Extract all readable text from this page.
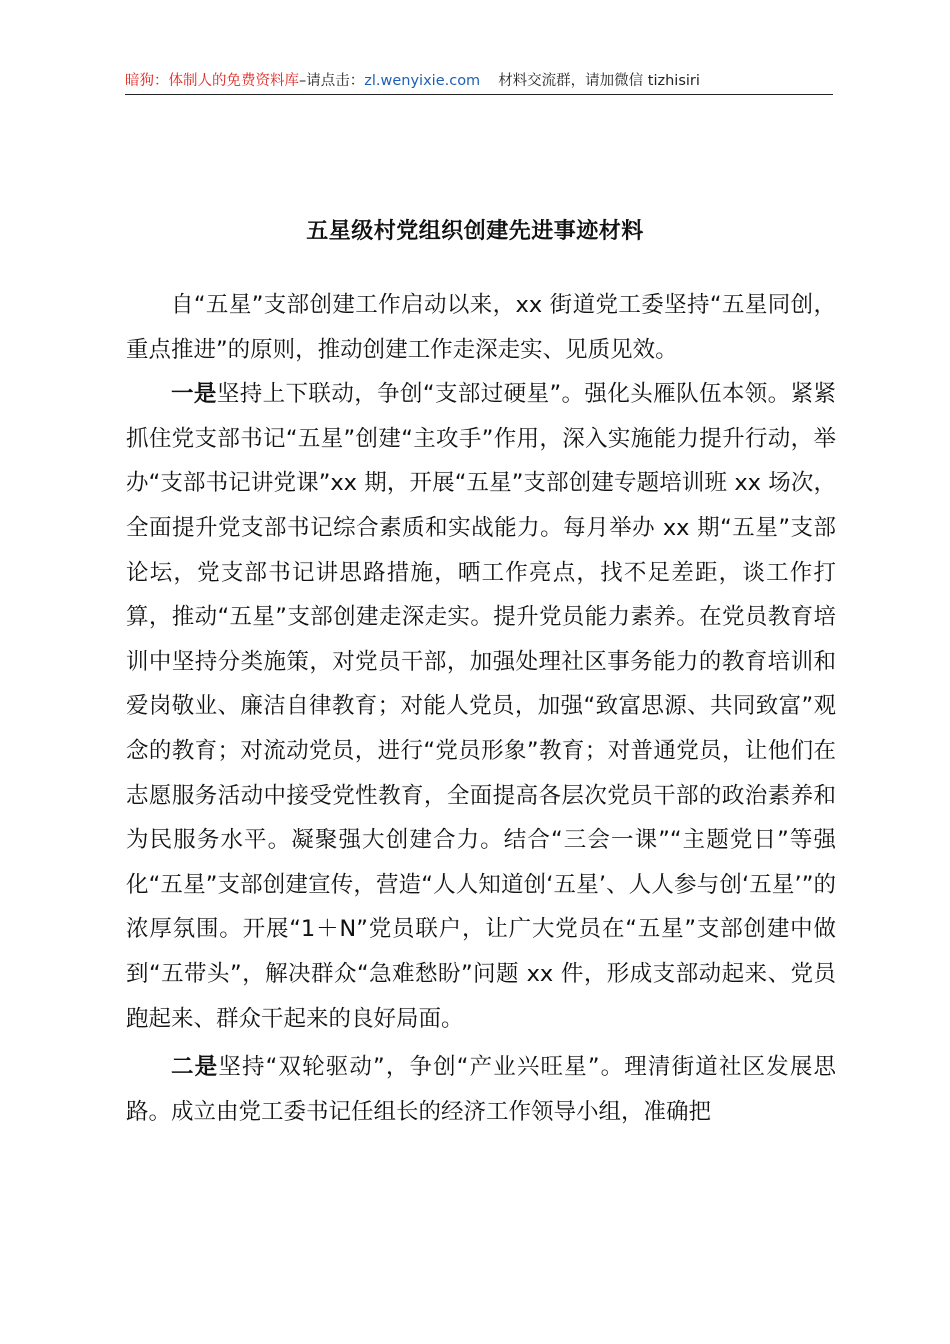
暗狗：体制人的免费资料库–请点击：zl.wenyixie.com 材料交流群，请加微信 tizhisiri
五星级村党组织创建先进事迹材料

自“五星”支部创建工作启动以来，xx 街道党工委坚持“五星同创，重点推进”的原则，推动创建工作走深走实、见质见效。

一是坚持上下联动，争创“支部过硬星”。强化头雁队伍本领。紧紧抓住党支部书记“五星”创建“主攻手”作用，深入实施能力提升行动，举办“支部书记讲党课”xx 期，开展“五星”支部创建专题培训班 xx 场次，全面提升党支部书记综合素质和实战能力。每月举办 xx 期“五星”支部论坛，党支部书记讲思路措施，晒工作亮点，找不足差距，谈工作打算，推动“五星”支部创建走深走实。提升党员能力素养。在党员教育培训中坚持分类施策，对党员干部，加强处理社区事务能力的教育培训和爱岗敬业、廉洁自律教育；对能人党员，加强“致富思源、共同致富”观念的教育；对流动党员，进行“党员形象”教育；对普通党员，让他们在志愿服务活动中接受党性教育，全面提高各层次党员干部的政治素养和为民服务水平。凝聚强大创建合力。结合“三会一课”“主题党日”等强化“五星”支部创建宣传，营造“人人知道创‘五星’、人人参与创‘五星’”的浓厚氛围。开展“1＋N”党员联户，让广大党员在“五星”支部创建中做到“五带头”，解决群众“急难愁盼”问题 xx 件，形成支部动起来、党员跑起来、群众干起来的良好局面。

二是坚持“双轮驱动”，争创“产业兴旺星”。理清街道社区发展思路。成立由党工委书记任组长的经济工作领导小组，准确把
